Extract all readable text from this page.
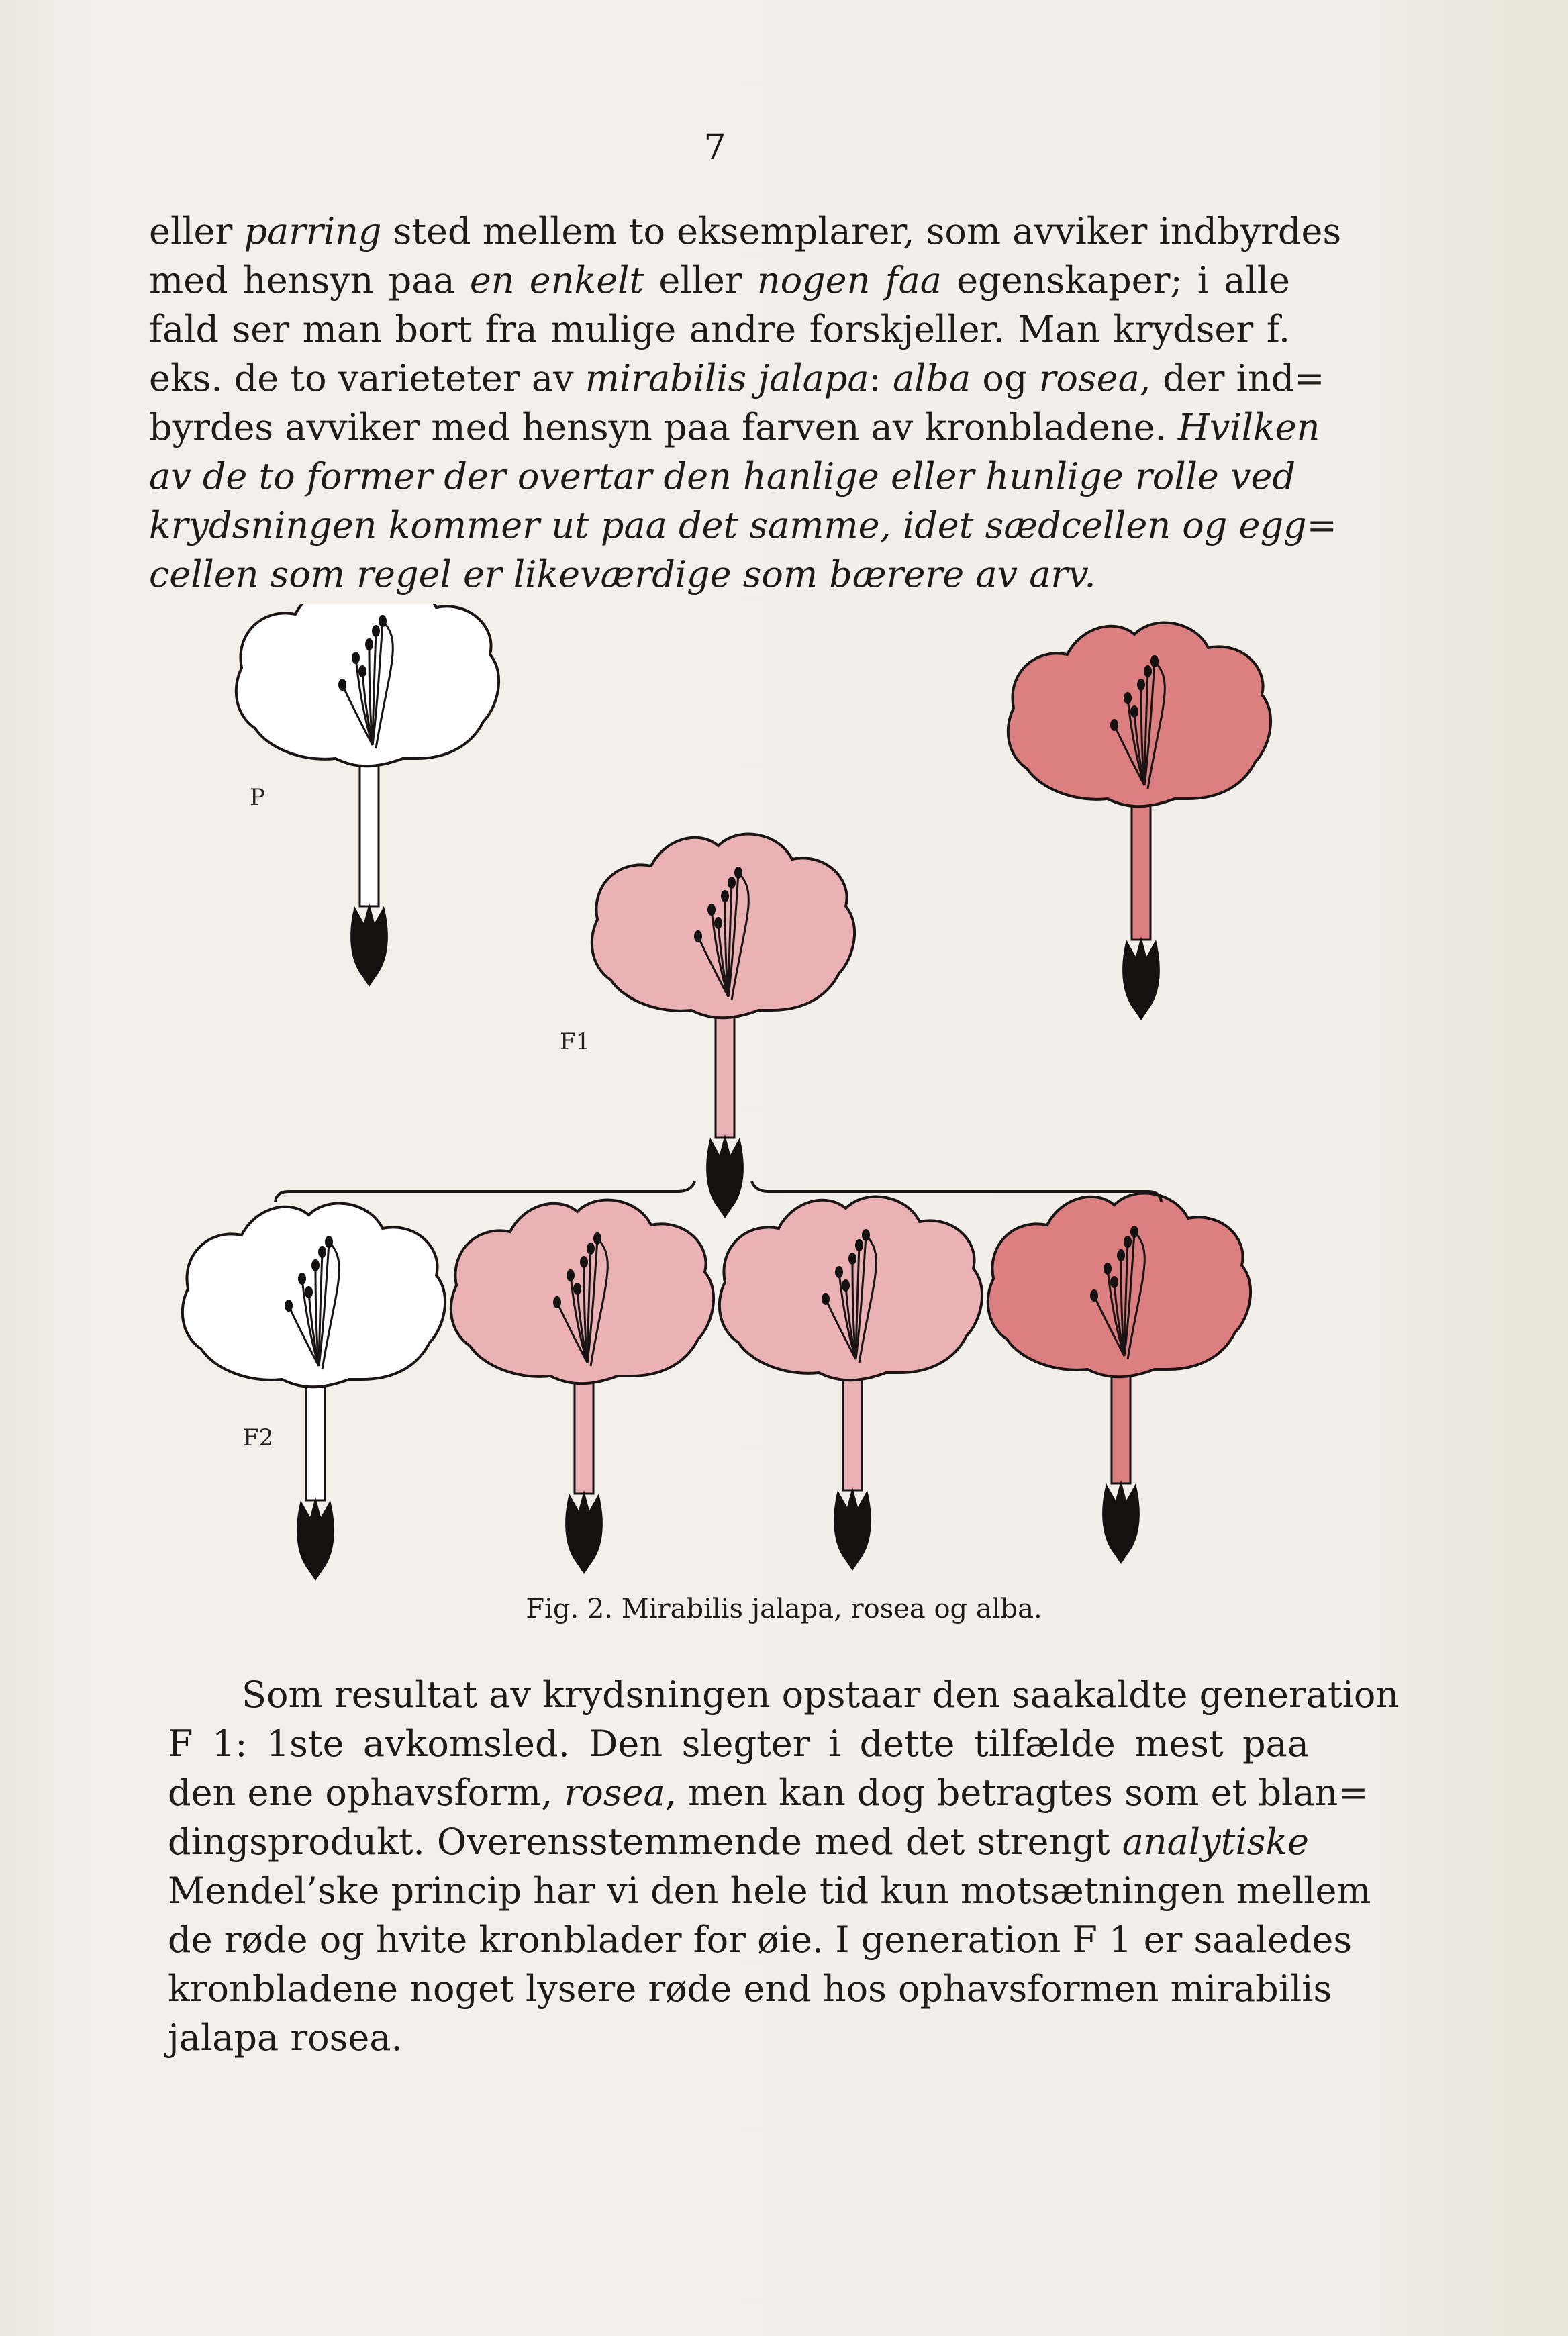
7
eller parring sted mellem to eksemplarer, som avviker indbyrdes
med hensyn paa en enkelt eller nogen faa egenskaper; i alle
fald ser man bort fra mulige andre forskjeller. Man krydser f.
eks. de to varieteter av mirabilis jalapa: alba og rosea, der ind=
byrdes avviker med hensyn paa farven av kronbladene. Hvilken
av de to former der overtar den hanlige eller hunlige rolle ved
krydsningen kommer ut paa det samme, idet sædcellen og egg=
cellen som regel er likeværdige som bærere av arv.
P
F1
F2
Fig. 2. Mirabilis jalapa, rosea og alba.
Som resultat av krydsningen opstaar den saakaldte generation
F 1: 1ste avkomsled. Den slegter i dette tilfælde mest paa
den ene ophavsform, rosea, men kan dog betragtes som et blan=
dingsprodukt. Overensstemmende med det strengt analytiske
Mendel’ske princip har vi den hele tid kun motsætningen mellem
de røde og hvite kronblader for øie. I generation F 1 er saaledes
kronbladene noget lysere røde end hos ophavsformen mirabilis
jalapa rosea.
